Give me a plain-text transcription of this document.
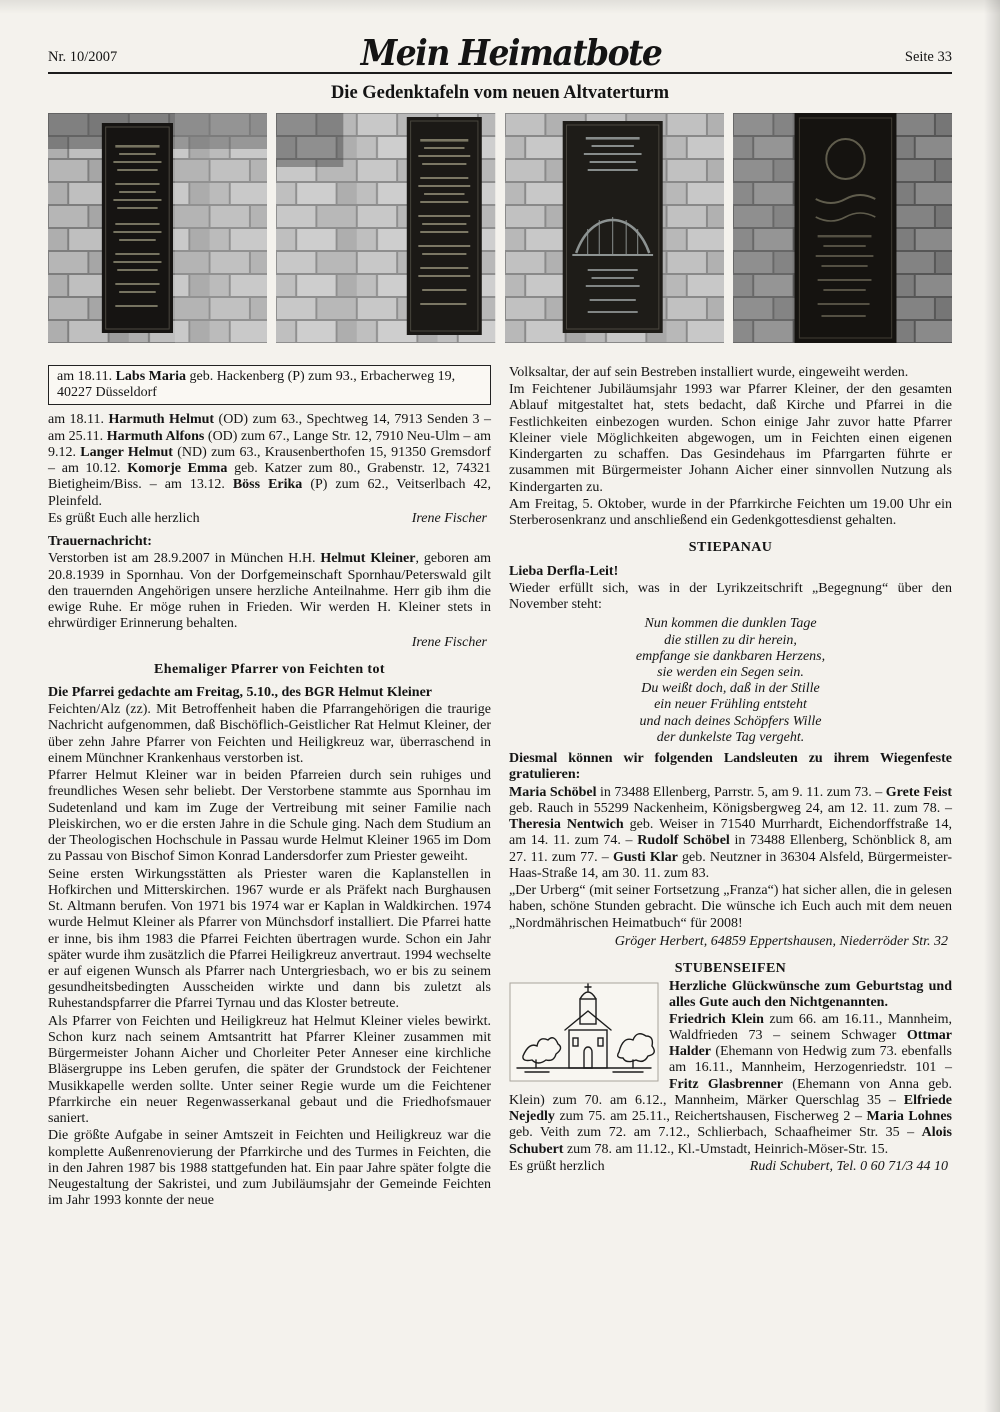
Nr. 10/2007	Mein Heimatbote	Seite 33
Die Gedenktafeln vom neuen Altvaterturm
am 18.11. Labs Maria geb. Hackenberg (P) zum 93., Erbacherweg 19, 40227 Düsseldorf
am 18.11. Harmuth Helmut (OD) zum 63., Spechtweg 14, 7913 Senden 3 – am 25.11. Harmuth Alfons (OD) zum 67., Lange Str. 12, 7910 Neu-Ulm – am 9.12. Langer Helmut (ND) zum 63., Krausenberthofen 15, 91350 Gremsdorf – am 10.12. Komorje Emma geb. Katzer zum 80., Grabenstr. 12, 74321 Bietigheim/Biss. – am 13.12. Böss Erika (P) zum 62., Veitserlbach 42, Pleinfeld.
Es grüßt Euch alle herzlich	Irene Fischer
Trauernachricht:
Verstorben ist am 28.9.2007 in München H.H. Helmut Kleiner, geboren am 20.8.1939 in Spornhau. Von der Dorfgemeinschaft Spornhau/Peterswald gilt den trauernden Angehörigen unsere herzliche Anteilnahme. Herr gib ihm die ewige Ruhe. Er möge ruhen in Frieden. Wir werden H. Kleiner stets in ehrwürdiger Erinnerung behalten.
Irene Fischer
Ehemaliger Pfarrer von Feichten tot
Die Pfarrei gedachte am Freitag, 5.10., des BGR Helmut Kleiner
Feichten/Alz (zz). Mit Betroffenheit haben die Pfarrangehörigen die traurige Nachricht aufgenommen, daß Bischöflich-Geistlicher Rat Helmut Kleiner, der über zehn Jahre Pfarrer von Feichten und Heiligkreuz war, überraschend in einem Münchner Krankenhaus verstorben ist.
Pfarrer Helmut Kleiner war in beiden Pfarreien durch sein ruhiges und freundliches Wesen sehr beliebt. Der Verstorbene stammte aus Spornhau im Sudetenland und kam im Zuge der Vertreibung mit seiner Familie nach Pleiskirchen, wo er die ersten Jahre in die Schule ging. Nach dem Studium an der Theologischen Hochschule in Passau wurde Helmut Kleiner 1965 im Dom zu Passau von Bischof Simon Konrad Landersdorfer zum Priester geweiht.
Seine ersten Wirkungsstätten als Priester waren die Kaplanstellen in Hofkirchen und Mitterskirchen. 1967 wurde er als Präfekt nach Burghausen St. Altmann berufen. Von 1971 bis 1974 war er Kaplan in Waldkirchen. 1974 wurde Helmut Kleiner als Pfarrer von Münchsdorf installiert. Die Pfarrei hatte er inne, bis ihm 1983 die Pfarrei Feichten übertragen wurde. Schon ein Jahr später wurde ihm zusätzlich die Pfarrei Heiligkreuz anvertraut. 1994 wechselte er auf eigenen Wunsch als Pfarrer nach Untergriesbach, wo er bis zu seinem gesundheitsbedingten Ausscheiden wirkte und dann bis zuletzt als Ruhestandspfarrer die Pfarrei Tyrnau und das Kloster betreute.
Als Pfarrer von Feichten und Heiligkreuz hat Helmut Kleiner vieles bewirkt. Schon kurz nach seinem Amtsantritt hat Pfarrer Kleiner zusammen mit Bürgermeister Johann Aicher und Chorleiter Peter Anneser eine kirchliche Bläsergruppe ins Leben gerufen, die später der Grundstock der Feichtener Musikkapelle werden sollte. Unter seiner Regie wurde um die Feichtener Pfarrkirche ein neuer Regenwasserkanal gebaut und die Friedhofsmauer saniert.
Die größte Aufgabe in seiner Amtszeit in Feichten und Heiligkreuz war die komplette Außenrenovierung der Pfarrkirche und des Turmes in Feichten, die in den Jahren 1987 bis 1988 stattgefunden hat. Ein paar Jahre später folgte die Neugestaltung der Sakristei, und zum Jubiläumsjahr der Gemeinde Feichten im Jahr 1993 konnte der neue
Volksaltar, der auf sein Bestreben installiert wurde, eingeweiht werden.
Im Feichtener Jubiläumsjahr 1993 war Pfarrer Kleiner, der den gesamten Ablauf mitgestaltet hat, stets bedacht, daß Kirche und Pfarrei in die Festlichkeiten einbezogen wurden. Schon einige Jahr zuvor hatte Pfarrer Kleiner viele Möglichkeiten abgewogen, um in Feichten einen eigenen Kindergarten zu schaffen. Das Gesindehaus im Pfarrgarten führte er zusammen mit Bürgermeister Johann Aicher einer sinnvollen Nutzung als Kindergarten zu.
Am Freitag, 5. Oktober, wurde in der Pfarrkirche Feichten um 19.00 Uhr ein Sterberosenkranz und anschließend ein Gedenkgottesdienst gehalten.
STIEPANAU
Lieba Derfla-Leit!
Wieder erfüllt sich, was in der Lyrikzeitschrift „Begegnung“ über den November steht:
Nun kommen die dunklen Tage
die stillen zu dir herein,
empfange sie dankbaren Herzens,
sie werden ein Segen sein.
Du weißt doch, daß in der Stille
ein neuer Frühling entsteht
und nach deines Schöpfers Wille
der dunkelste Tag vergeht.
Diesmal können wir folgenden Landsleuten zu ihrem Wiegenfeste gratulieren:
Maria Schöbel in 73488 Ellenberg, Parrstr. 5, am 9. 11. zum 73. – Grete Feist geb. Rauch in 55299 Nackenheim, Königsbergweg 24, am 12. 11. zum 78. – Theresia Nentwich geb. Weiser in 71540 Murrhardt, Eichendorffstraße 14, am 14. 11. zum 74. – Rudolf Schöbel in 73488 Ellenberg, Schönblick 8, am 27. 11. zum 77. – Gusti Klar geb. Neutzner in 36304 Alsfeld, Bürgermeister-Haas-Straße 14, am 30. 11. zum 83.
„Der Urberg“ (mit seiner Fortsetzung „Franza“) hat sicher allen, die in gelesen haben, schöne Stunden gebracht. Die wünsche ich Euch auch mit dem neuen „Nordmährischen Heimatbuch“ für 2008!
Gröger Herbert, 64859 Eppertshausen, Niederröder Str. 32
STUBENSEIFEN
Herzliche Glückwünsche zum Geburtstag und alles Gute auch den Nichtgenannten.
Friedrich Klein zum 66. am 16.11., Mannheim, Waldfrieden 73 – seinem Schwager Ottmar Halder (Ehemann von Hedwig zum 73. ebenfalls am 16.11., Mannheim, Herzogenriedstr. 101 – Fritz Glasbrenner (Ehemann von Anna geb. Klein) zum 70. am 6.12., Mannheim, Märker Querschlag 35 – Elfriede Nejedly zum 75. am 25.11., Reichertshausen, Fischerweg 2 – Maria Lohnes geb. Veith zum 72. am 7.12., Schlierbach, Schaafheimer Str. 35 – Alois Schubert zum 78. am 11.12., Kl.-Umstadt, Heinrich-Möser-Str. 15.
Es grüßt herzlich	Rudi Schubert, Tel. 0 60 71/3 44 10
